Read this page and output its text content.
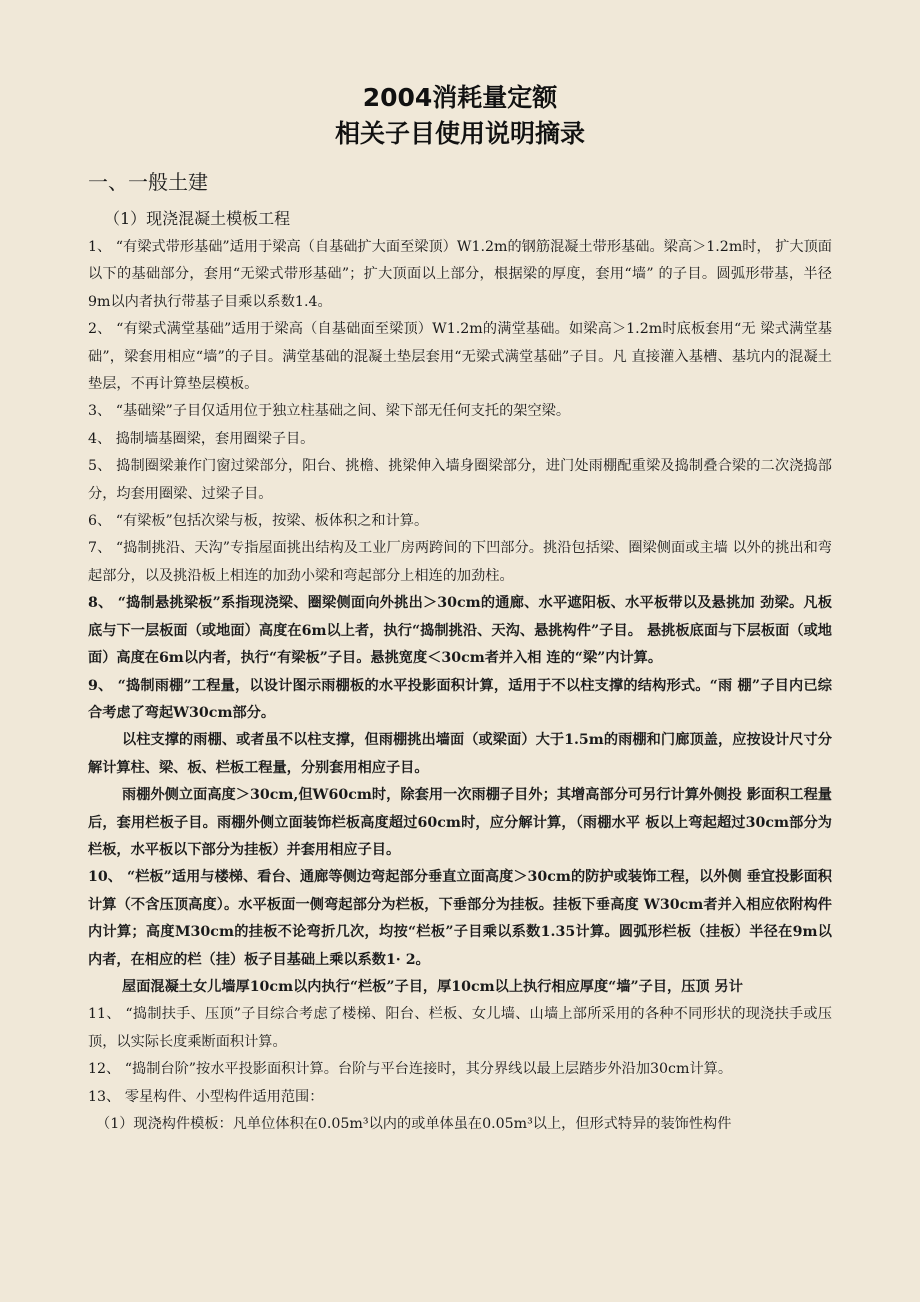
2004消耗量定额
相关子目使用说明摘录
一、一般土建
（1）现浇混凝土模板工程

1、 “有梁式带形基础”适用于梁高（自基础扩大面至梁顶）W1.2m的钢筋混凝土带形基础。梁高＞1.2m时， 扩大顶面以下的基础部分，套用“无梁式带形基础”；扩大顶面以上部分，根据梁的厚度，套用“墙” 的子目。圆弧形带基，半径9m以内者执行带基子目乘以系数1.4。

2、 “有梁式满堂基础”适用于梁高（自基础面至梁顶）W1.2m的满堂基础。如梁高＞1.2m时底板套用“无 梁式满堂基础”，梁套用相应“墙”的子目。满堂基础的混凝土垫层套用“无梁式满堂基础”子目。凡 直接灌入基槽、基坑内的混凝土垫层，不再计算垫层模板。

3、 “基础梁”子目仅适用位于独立柱基础之间、梁下部无任何支托的架空梁。

4、 捣制墙基圈梁，套用圈梁子目。

5、 捣制圈梁兼作门窗过梁部分，阳台、挑檐、挑梁伸入墙身圈梁部分，进门处雨棚配重梁及捣制叠合梁的二次浇捣部分，均套用圈梁、过梁子目。

6、 “有梁板”包括次梁与板，按梁、板体积之和计算。

7、 “捣制挑沿、天沟”专指屋面挑出结构及工业厂房两跨间的下凹部分。挑沿包括梁、圈梁侧面或主墙 以外的挑出和弯起部分，以及挑沿板上相连的加劲小梁和弯起部分上相连的加劲柱。

8、 “捣制悬挑梁板”系指现浇梁、圈梁侧面向外挑出＞30cm的通廊、水平遮阳板、水平板带以及悬挑加 劲梁。凡板底与下一层板面（或地面）高度在6m以上者，执行“捣制挑沿、天沟、悬挑构件”子目。 悬挑板底面与下层板面（或地面）高度在6m以内者，执行“有梁板”子目。悬挑宽度＜30cm者并入相 连的“梁”内计算。

9、 “捣制雨棚”工程量，以设计图示雨棚板的水平投影面积计算，适用于不以柱支撑的结构形式。“雨 棚”子目内已综合考虑了弯起W30cm部分。

以柱支撑的雨棚、或者虽不以柱支撑，但雨棚挑出墙面（或梁面）大于1.5m的雨棚和门廊顶盖，应按设计尺寸分解计算柱、梁、板、栏板工程量，分别套用相应子目。

雨棚外侧立面高度＞30cm,但W60cm时，除套用一次雨棚子目外；其增高部分可另行计算外侧投 影面积工程量后，套用栏板子目。雨棚外侧立面装饰栏板高度超过60cm时，应分解计算，（雨棚水平 板以上弯起超过30cm部分为栏板，水平板以下部分为挂板）并套用相应子目。

10、 “栏板”适用与楼梯、看台、通廊等侧边弯起部分垂直立面高度＞30cm的防护或装饰工程，以外侧 垂宜投影面积计算（不含压顶高度）。水平板面一侧弯起部分为栏板，下垂部分为挂板。挂板下垂高度 W30cm者并入相应依附构件内计算；高度M30cm的挂板不论弯折几次，均按“栏板”子目乘以系数1.35计算。圆弧形栏板（挂板）半径在9m以内者，在相应的栏（挂）板子目基础上乘以系数1· 2。

屋面混凝土女儿墙厚10cm以内执行“栏板”子目，厚10cm以上执行相应厚度“墙”子目，压顶 另计

11、 “捣制扶手、压顶”子目综合考虑了楼梯、阳台、栏板、女儿墙、山墙上部所采用的各种不同形状的现浇扶手或压顶，以实际长度乘断面积计算。

12、 “捣制台阶”按水平投影面积计算。台阶与平台连接时，其分界线以最上层踏步外沿加30cm计算。

13、 零星构件、小型构件适用范围：

（1）现浇构件模板：凡单位体积在0.05m³以内的或单体虽在0.05m³以上，但形式特异的装饰性构件
